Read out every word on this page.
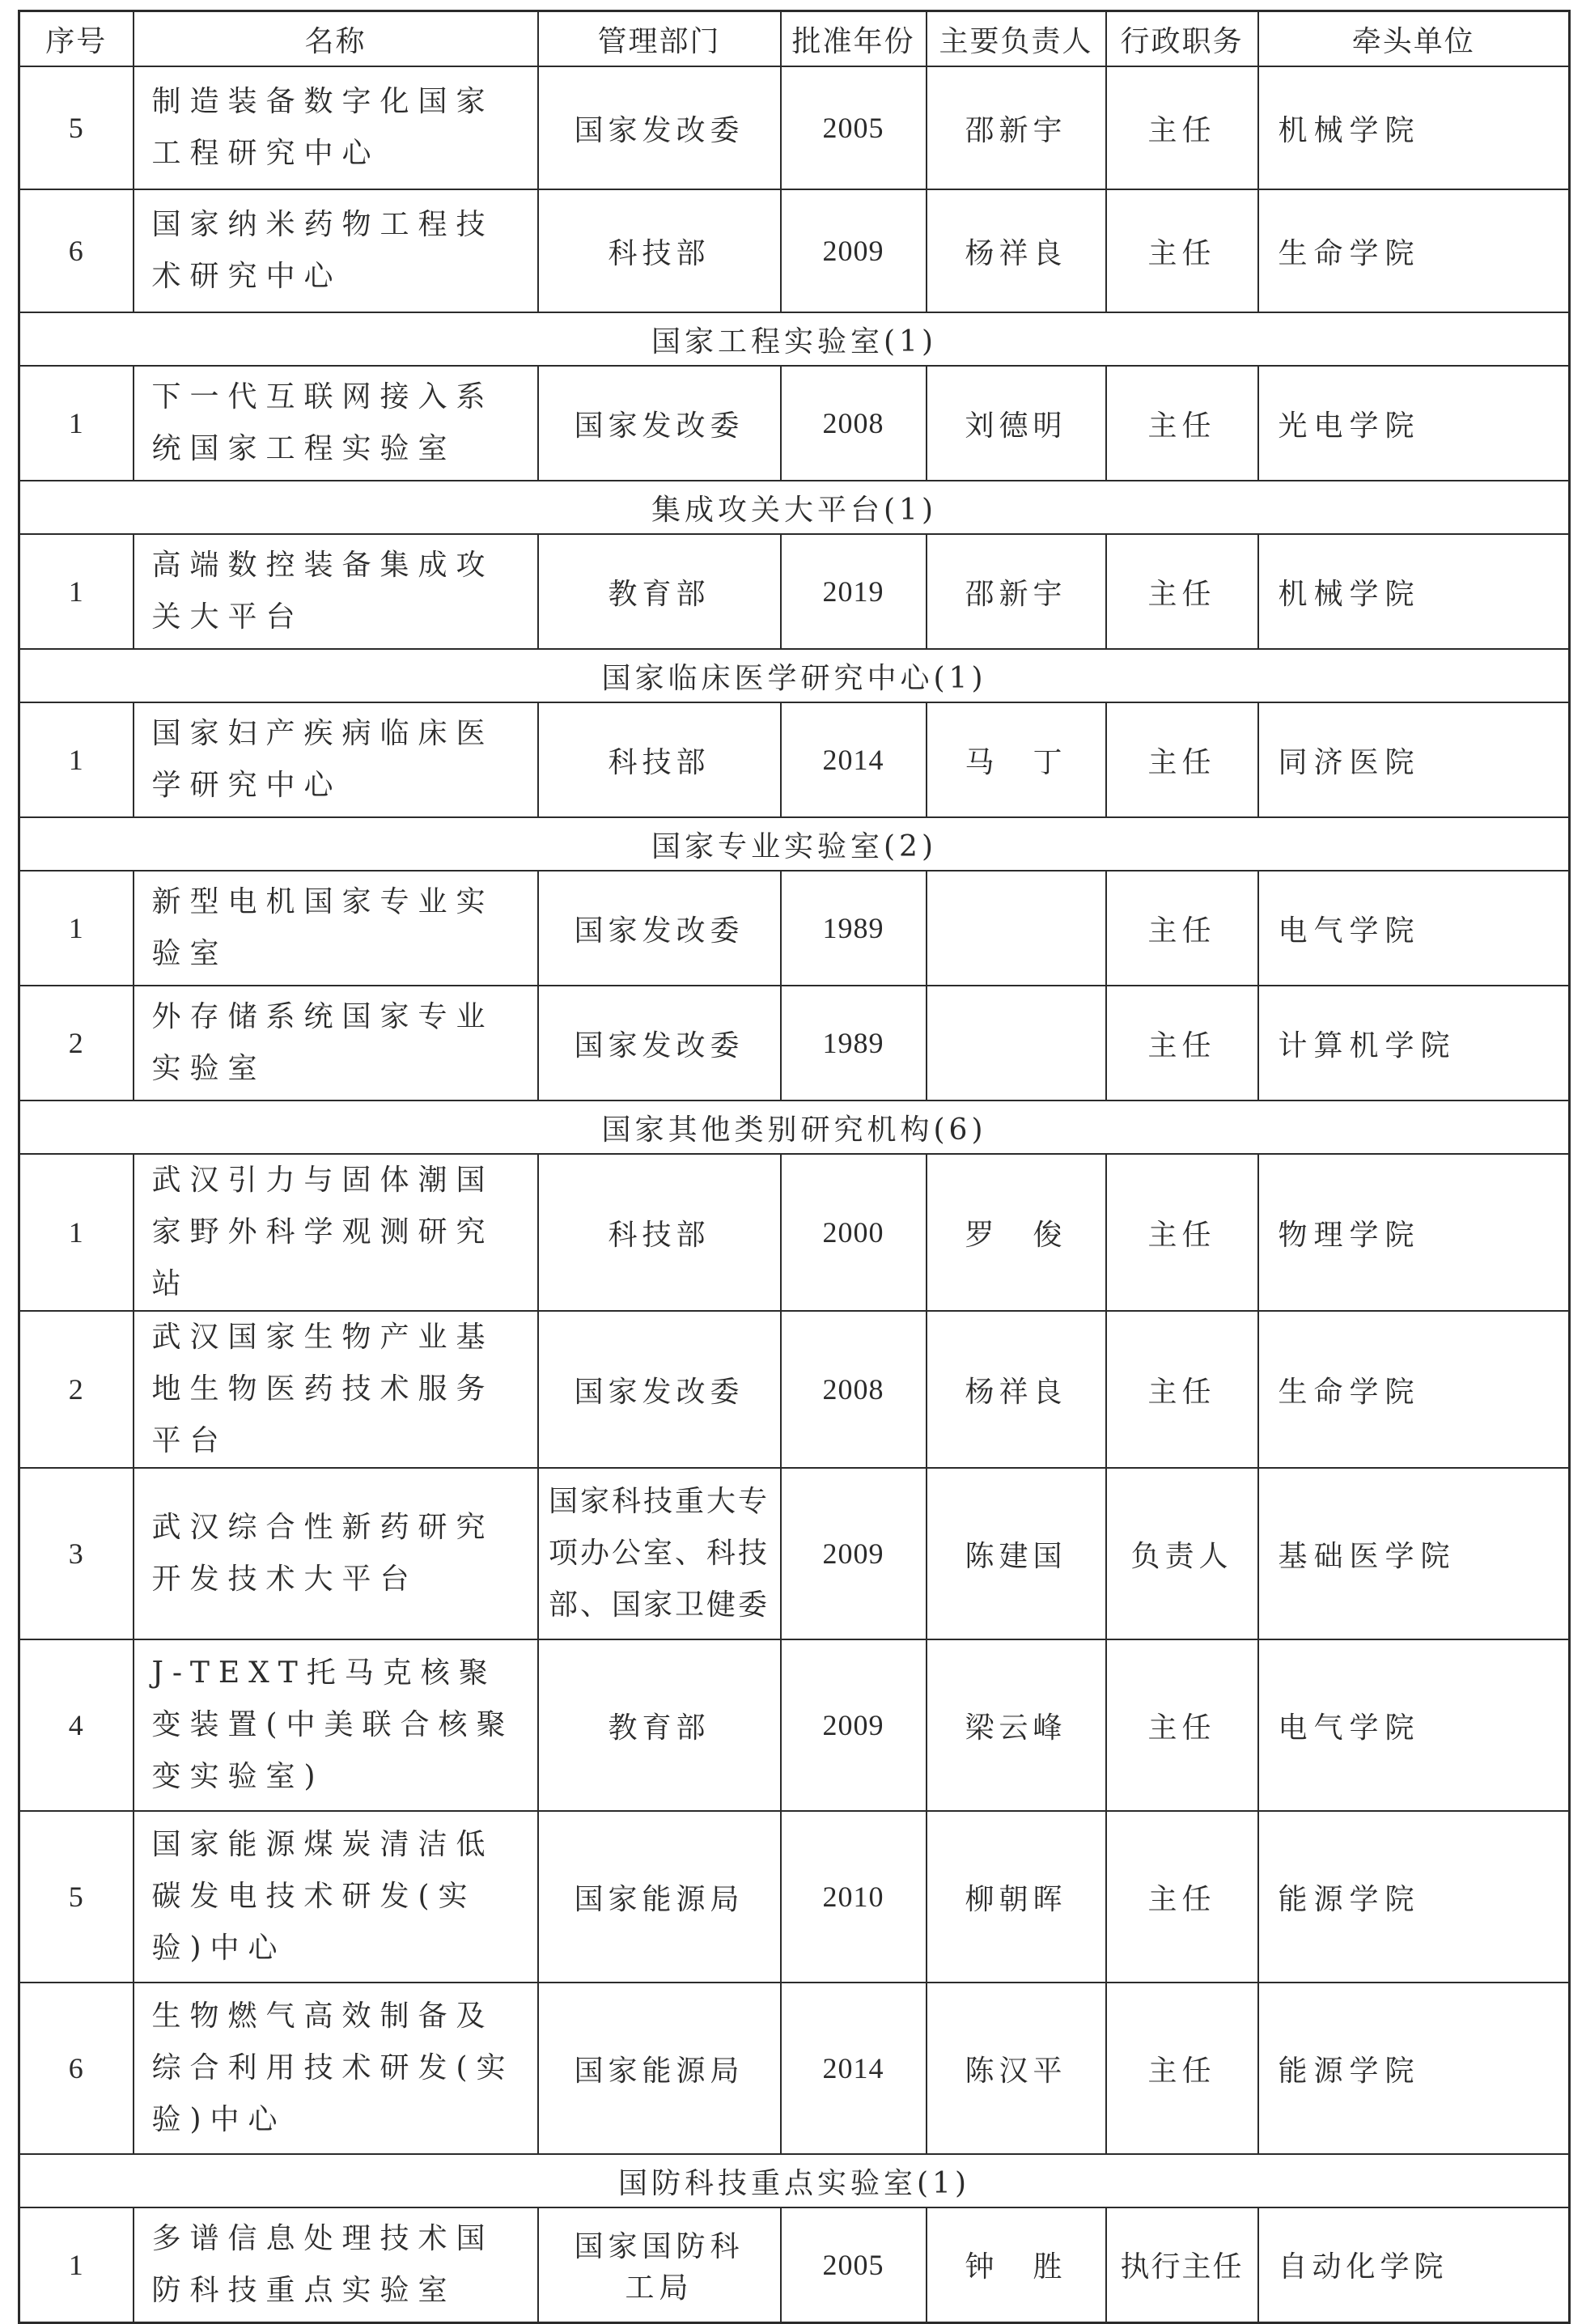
序号	名称	管理部门	批准年份	主要负责人	行政职务	牵头单位
5	制造装备数字化国家工程研究中心	国家发改委	2005	邵新宇	主任	机械学院
6	国家纳米药物工程技术研究中心	科技部	2009	杨祥良	主任	生命学院
国家工程实验室(1)						
1	下一代互联网接入系统国家工程实验室	国家发改委	2008	刘德明	主任	光电学院
集成攻关大平台(1)						
1	高端数控装备集成攻关大平台	教育部	2019	邵新宇	主任	机械学院
国家临床医学研究中心(1)						
1	国家妇产疾病临床医学研究中心	科技部	2014	马　丁	主任	同济医院
国家专业实验室(2)						
1	新型电机国家专业实验室	国家发改委	1989		主任	电气学院
2	外存储系统国家专业实验室	国家发改委	1989		主任	计算机学院
国家其他类别研究机构(6)						
1	武汉引力与固体潮国家野外科学观测研究站	科技部	2000	罗　俊	主任	物理学院
2	武汉国家生物产业基地生物医药技术服务平台	国家发改委	2008	杨祥良	主任	生命学院
3	武汉综合性新药研究开发技术大平台	国家科技重大专项办公室、科技部、国家卫健委	2009	陈建国	负责人	基础医学院
4	J-TEXT托马克核聚变装置(中美联合核聚变实验室)	教育部	2009	梁云峰	主任	电气学院
5	国家能源煤炭清洁低碳发电技术研发(实验)中心	国家能源局	2010	柳朝晖	主任	能源学院
6	生物燃气高效制备及综合利用技术研发(实验)中心	国家能源局	2014	陈汉平	主任	能源学院
国防科技重点实验室(1)						
1	多谱信息处理技术国防科技重点实验室	国家国防科工局	2005	钟　胜	执行主任	自动化学院
